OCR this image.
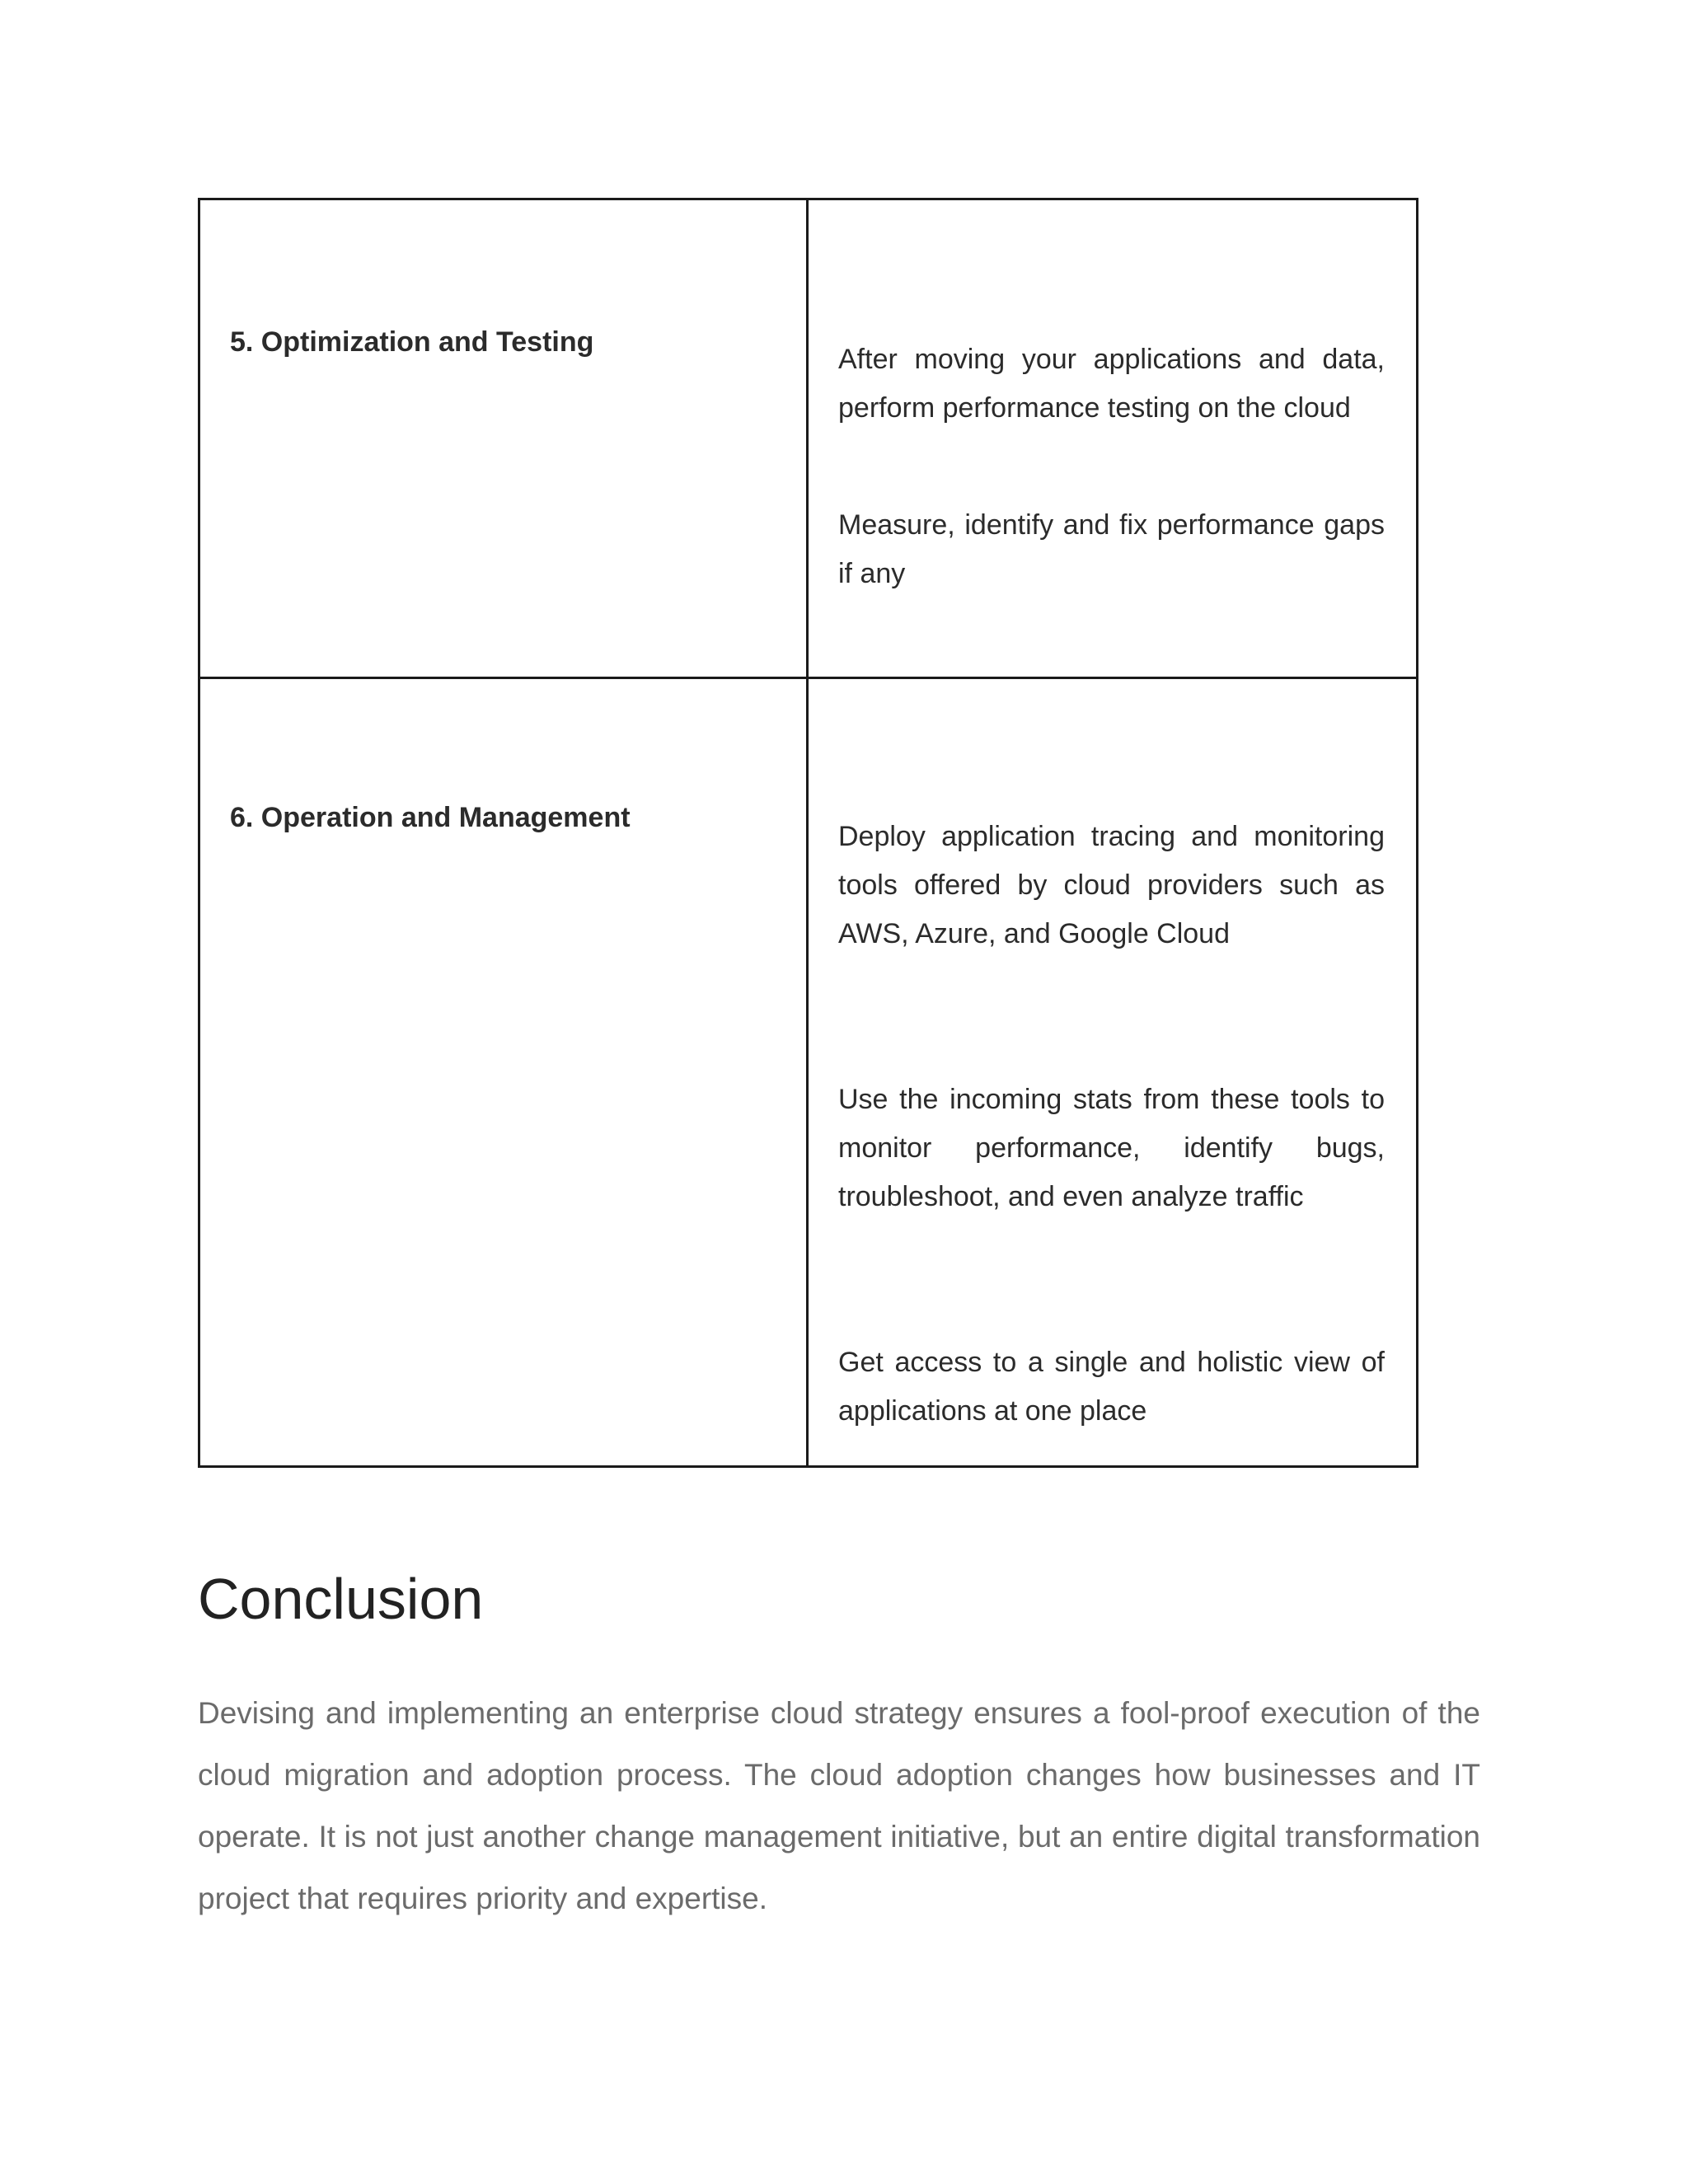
5. Optimization and Testing	After moving your applications and data, perform performance testing on the cloud

Measure, identify and fix performance gaps if any

6. Operation and Management	Deploy application tracing and monitoring tools offered by cloud providers such as AWS, Azure, and Google Cloud

Use the incoming stats from these tools to monitor performance, identify bugs, troubleshoot, and even analyze traffic

Get access to a single and holistic view of applications at one place

Conclusion

Devising and implementing an enterprise cloud strategy ensures a fool-proof execution of the cloud migration and adoption process. The cloud adoption changes how businesses and IT operate. It is not just another change management initiative, but an entire digital transformation project that requires priority and expertise.
